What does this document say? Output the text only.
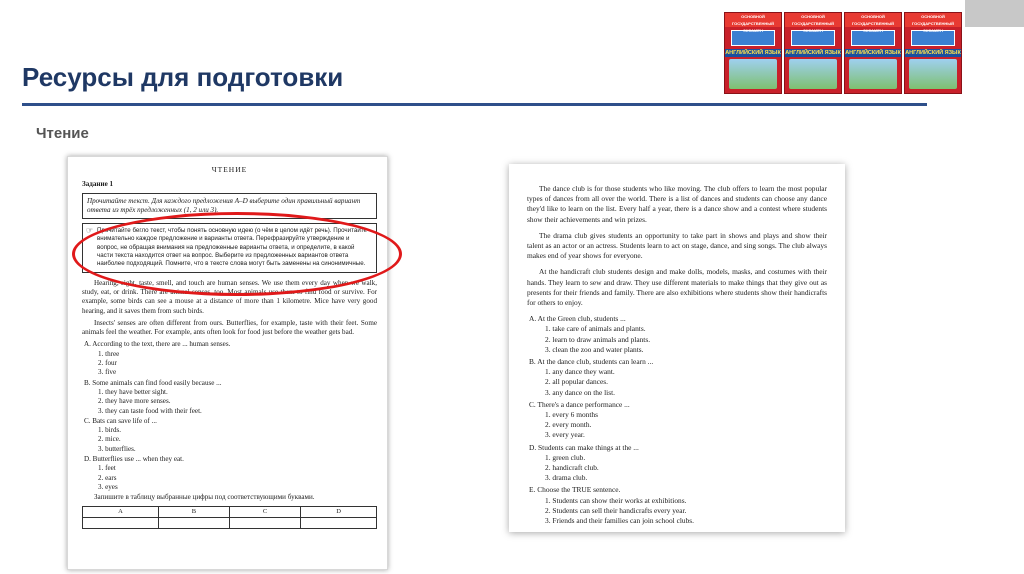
Ресурсы для подготовки
Чтение
ОСНОВНОЙ ГОСУДАРСТВЕННЫЙ ЭКЗАМЕН
АНГЛИЙСКИЙ ЯЗЫК
ОСНОВНОЙ ГОСУДАРСТВЕННЫЙ ЭКЗАМЕН
АНГЛИЙСКИЙ ЯЗЫК
ОСНОВНОЙ ГОСУДАРСТВЕННЫЙ ЭКЗАМЕН
АНГЛИЙСКИЙ ЯЗЫК
ОСНОВНОЙ ГОСУДАРСТВЕННЫЙ ЭКЗАМЕН
АНГЛИЙСКИЙ ЯЗЫК
ЧТЕНИЕ
Задание 1
Прочитайте текст. Для каждого предложения A–D выберите один правильный вариант ответа из трёх предложенных (1, 2 или 3).
☞ Прочитайте бегло текст, чтобы понять основную идею (о чём в целом идёт речь). Прочитайте внимательно каждое предложение и варианты ответа. Перефразируйте утверждение и вопрос, не обращая внимания на предложенные варианты ответа, и определите, в какой части текста находится ответ на вопрос. Выберите из предложенных вариантов ответа наиболее подходящий. Помните, что в тексте слова могут быть заменены на синонимичные.
Hearing, sight, taste, smell, and touch are human senses. We use them every day when we walk, study, eat, or drink. There are animal senses, too. Most animals use them to find food or survive. For example, some birds can see a mouse at a distance of more than 1 kilometre. Mice have very good hearing, and it saves them from such birds.
Insects' senses are often different from ours. Butterflies, for example, taste with their feet. Some animals feel the weather. For example, ants often look for food just before the weather gets bad.
A. According to the text, there are ... human senses.
1. three
2. four
3. five
B. Some animals can find food easily because ...
1. they have better sight.
2. they have more senses.
3. they can taste food with their feet.
C. Bats can save life of ...
1. birds.
2. mice.
3. butterflies.
D. Butterflies use ... when they eat.
1. feet
2. ears
3. eyes
Запишите в таблицу выбранные цифры под соответствующими буквами.
A	B	C	D

The dance club is for those students who like moving. The club offers to learn the most popular types of dances from all over the world. There is a list of dances and students can choose any dance they'd like to learn on the list. Every half a year, there is a dance show and a contest where students show their achievements and win prizes.
The drama club gives students an opportunity to take part in shows and plays and show their talent as an actor or an actress. Students learn to act on stage, dance, and sing songs. The club always makes end of year shows for everyone.
At the handicraft club students design and make dolls, models, masks, and costumes with their hands. They learn to sew and draw. They use different materials to make things that they give out as presents for their friends and family. There are also exhibitions where students show their handicrafts for others to enjoy.
A. At the Green club, students ...
1. take care of animals and plants.
2. learn to draw animals and plants.
3. clean the zoo and water plants.
B. At the dance club, students can learn ...
1. any dance they want.
2. all popular dances.
3. any dance on the list.
C. There's a dance performance ...
1. every 6 months
2. every month.
3. every year.
D. Students can make things at the ...
1. green club.
2. handicraft club.
3. drama club.
E. Choose the TRUE sentence.
1. Students can show their works at exhibitions.
2. Students can sell their handicrafts every year.
3. Friends and their families can join school clubs.
